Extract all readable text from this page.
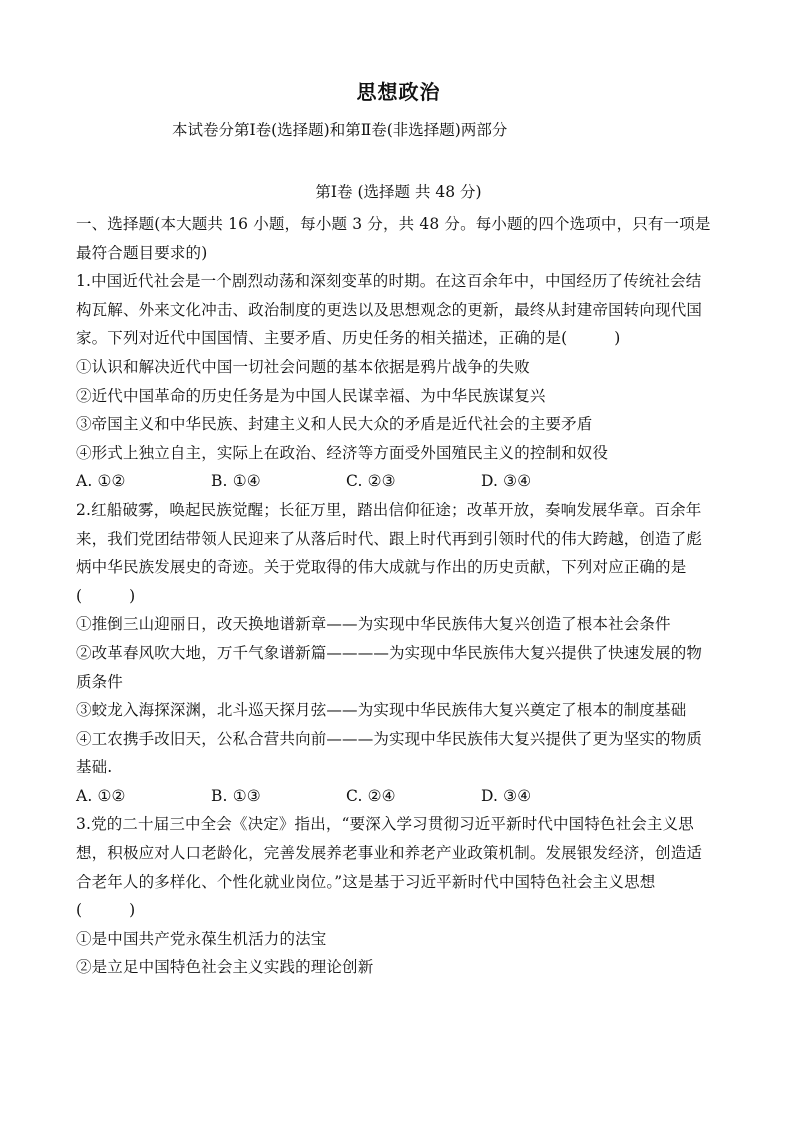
思想政治
本试卷分第Ⅰ卷(选择题)和第Ⅱ卷(非选择题)两部分
第Ⅰ卷 (选择题 共 48 分)
一、选择题(本大题共 16 小题，每小题 3 分，共 48 分。每小题的四个选项中，只有一项是
最符合题目要求的)
1.中国近代社会是一个剧烈动荡和深刻变革的时期。在这百余年中，中国经历了传统社会结
构瓦解、外来文化冲击、政治制度的更迭以及思想观念的更新，最终从封建帝国转向现代国
家。下列对近代中国国情、主要矛盾、历史任务的相关描述，正确的是(　　　)
①认识和解决近代中国一切社会问题的基本依据是鸦片战争的失败
②近代中国革命的历史任务是为中国人民谋幸福、为中华民族谋复兴
③帝国主义和中华民族、封建主义和人民大众的矛盾是近代社会的主要矛盾
④形式上独立自主，实际上在政治、经济等方面受外国殖民主义的控制和奴役
A. ①②	B. ①④	C. ②③	D. ③④
2.红船破雾，唤起民族觉醒；长征万里，踏出信仰征途；改革开放，奏响发展华章。百余年
来，我们党团结带领人民迎来了从落后时代、跟上时代再到引领时代的伟大跨越，创造了彪
炳中华民族发展史的奇迹。关于党取得的伟大成就与作出的历史贡献，下列对应正确的是
(　　　)
①推倒三山迎丽日，改天换地谱新章——为实现中华民族伟大复兴创造了根本社会条件
②改革春风吹大地，万千气象谱新篇————为实现中华民族伟大复兴提供了快速发展的物
质条件
③蛟龙入海探深渊，北斗巡天探月弦——为实现中华民族伟大复兴奠定了根本的制度基础
④工农携手改旧天，公私合营共向前———为实现中华民族伟大复兴提供了更为坚实的物质
基础.
A. ①②	B. ①③	C. ②④	D. ③④
3.党的二十届三中全会《决定》指出，“要深入学习贯彻习近平新时代中国特色社会主义思
想，积极应对人口老龄化，完善发展养老事业和养老产业政策机制。发展银发经济，创造适
合老年人的多样化、个性化就业岗位。”这是基于习近平新时代中国特色社会主义思想
(　　　)
①是中国共产党永葆生机活力的法宝
②是立足中国特色社会主义实践的理论创新
